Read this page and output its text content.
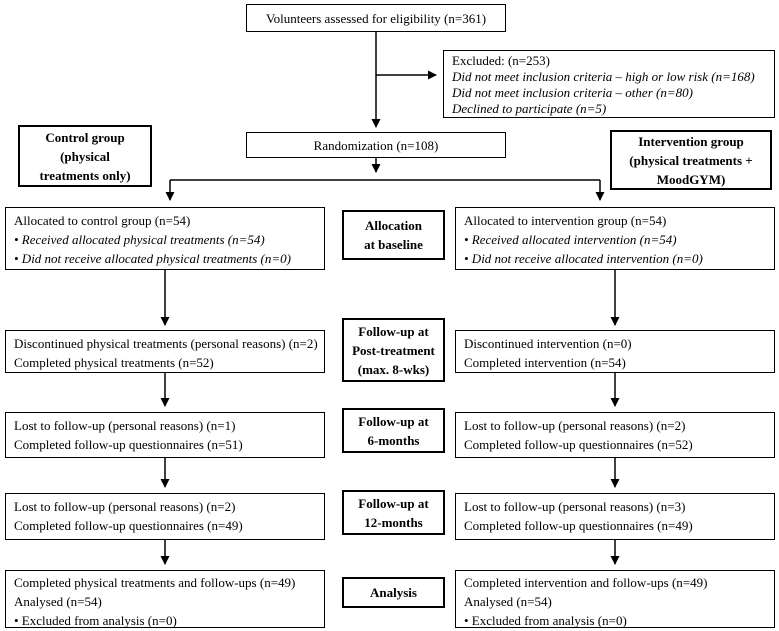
Volunteers assessed for eligibility (n=361)
Excluded: (n=253)
Did not meet inclusion criteria – high or low risk (n=168)
Did not meet inclusion criteria – other (n=80)
Declined to participate (n=5)
Randomization (n=108)
Control group
(physical
treatments only)
Intervention group
(physical treatments +
MoodGYM)
Allocated to control group (n=54)
• Received allocated physical treatments (n=54)
• Did not receive allocated physical treatments (n=0)
Allocation
at baseline
Allocated to intervention group (n=54)
• Received allocated intervention (n=54)
• Did not receive allocated intervention (n=0)
Discontinued physical treatments (personal reasons) (n=2)
Completed physical treatments (n=52)
Follow-up at
Post-treatment
(max. 8-wks)
Discontinued intervention (n=0)
Completed intervention (n=54)
Lost to follow-up (personal reasons) (n=1)
Completed follow-up questionnaires (n=51)
Follow-up at
6-months
Lost to follow-up (personal reasons) (n=2)
Completed follow-up questionnaires (n=52)
Lost to follow-up (personal reasons) (n=2)
Completed follow-up questionnaires (n=49)
Follow-up at
12-months
Lost to follow-up (personal reasons) (n=3)
Completed follow-up questionnaires (n=49)
Completed physical treatments and follow-ups (n=49)
Analysed (n=54)
• Excluded from analysis (n=0)
Analysis
Completed intervention and follow-ups (n=49)
Analysed (n=54)
• Excluded from analysis (n=0)
